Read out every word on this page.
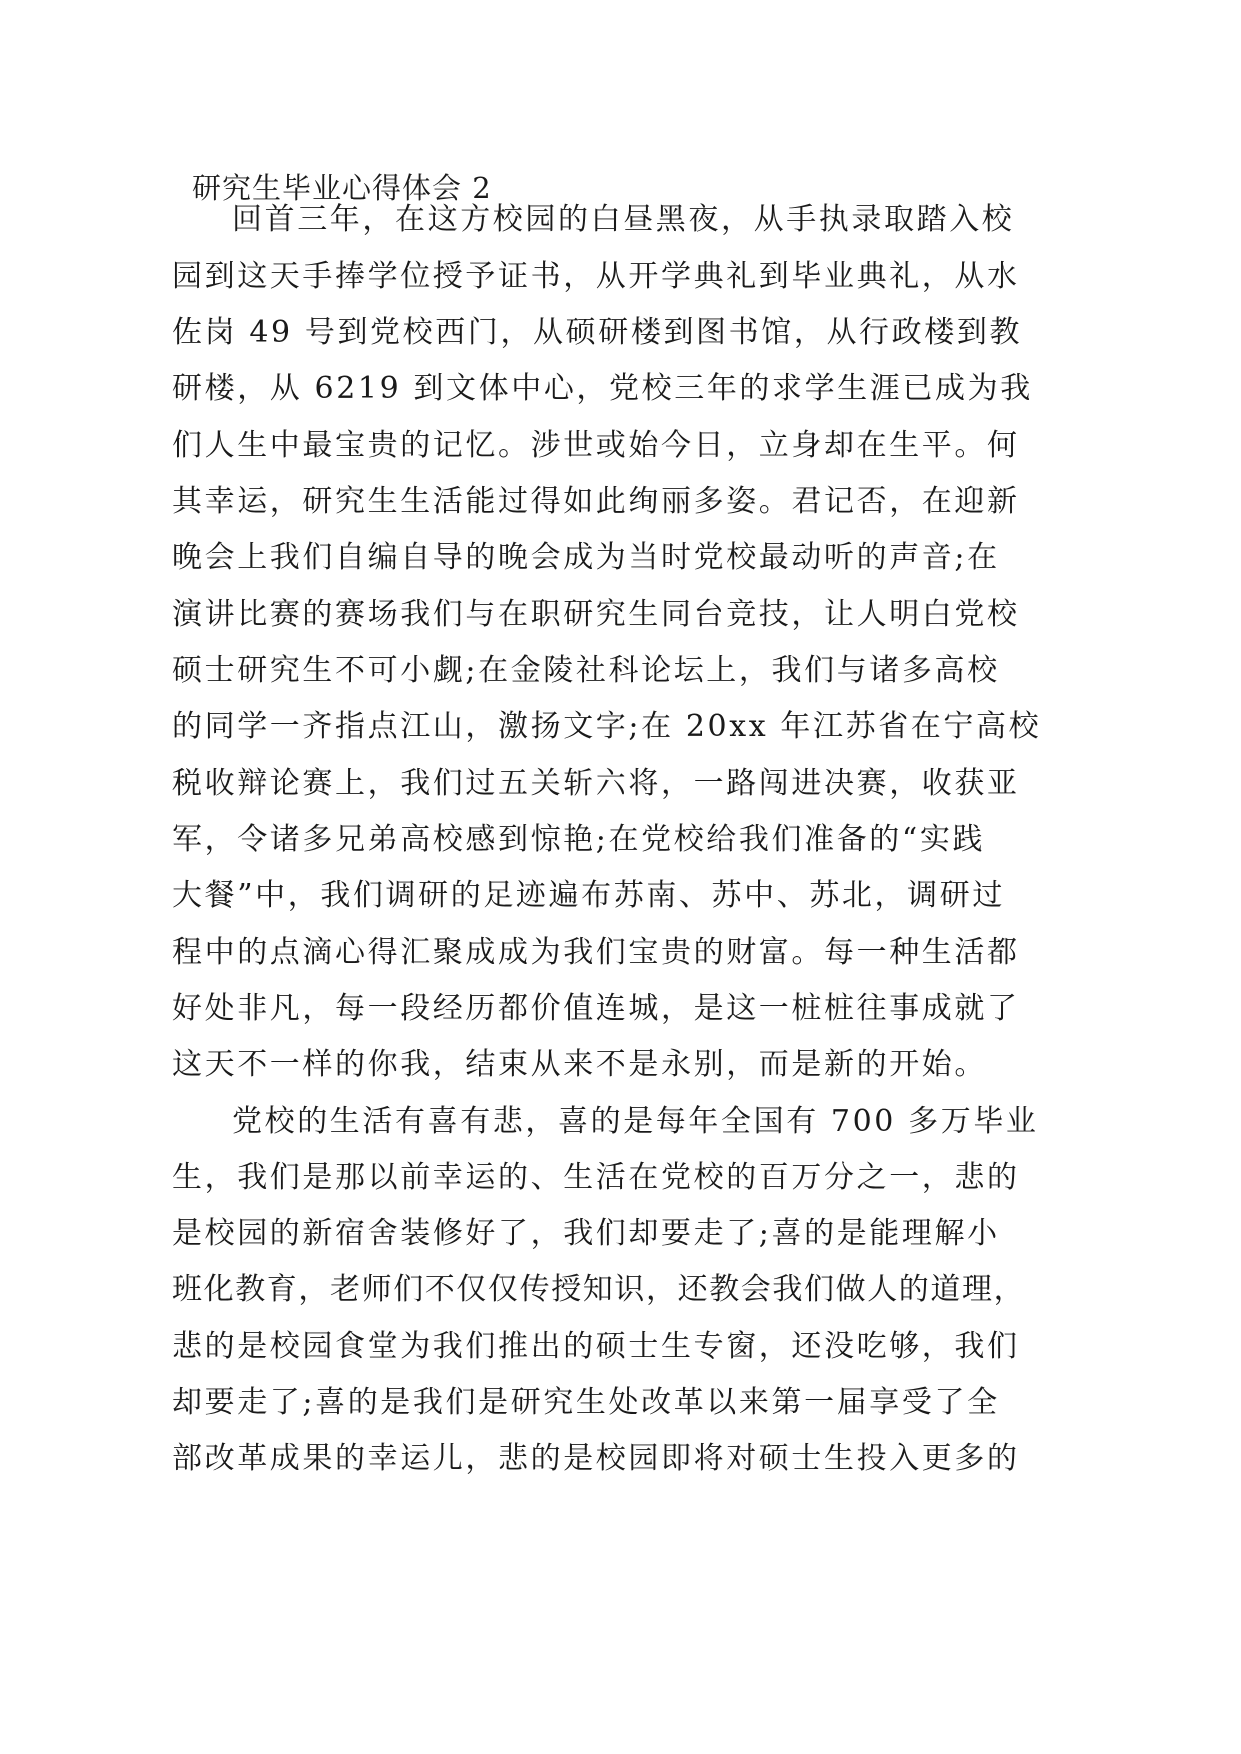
研究生毕业心得体会 2
回首三年，在这方校园的白昼黑夜，从手执录取踏入校
园到这天手捧学位授予证书，从开学典礼到毕业典礼，从水
佐岗 49 号到党校西门，从硕研楼到图书馆，从行政楼到教
研楼，从 6219 到文体中心，党校三年的求学生涯已成为我
们人生中最宝贵的记忆。涉世或始今日，立身却在生平。何
其幸运，研究生生活能过得如此绚丽多姿。君记否，在迎新
晚会上我们自编自导的晚会成为当时党校最动听的声音;在
演讲比赛的赛场我们与在职研究生同台竞技，让人明白党校
硕士研究生不可小觑;在金陵社科论坛上，我们与诸多高校
的同学一齐指点江山，激扬文字;在 20xx 年江苏省在宁高校
税收辩论赛上，我们过五关斩六将，一路闯进决赛，收获亚
军，令诸多兄弟高校感到惊艳;在党校给我们准备的“实践
大餐”中，我们调研的足迹遍布苏南、苏中、苏北，调研过
程中的点滴心得汇聚成成为我们宝贵的财富。每一种生活都
好处非凡，每一段经历都价值连城，是这一桩桩往事成就了
这天不一样的你我，结束从来不是永别，而是新的开始。
党校的生活有喜有悲，喜的是每年全国有 700 多万毕业
生，我们是那以前幸运的、生活在党校的百万分之一，悲的
是校园的新宿舍装修好了，我们却要走了;喜的是能理解小
班化教育，老师们不仅仅传授知识，还教会我们做人的道理，
悲的是校园食堂为我们推出的硕士生专窗，还没吃够，我们
却要走了;喜的是我们是研究生处改革以来第一届享受了全
部改革成果的幸运儿，悲的是校园即将对硕士生投入更多的
